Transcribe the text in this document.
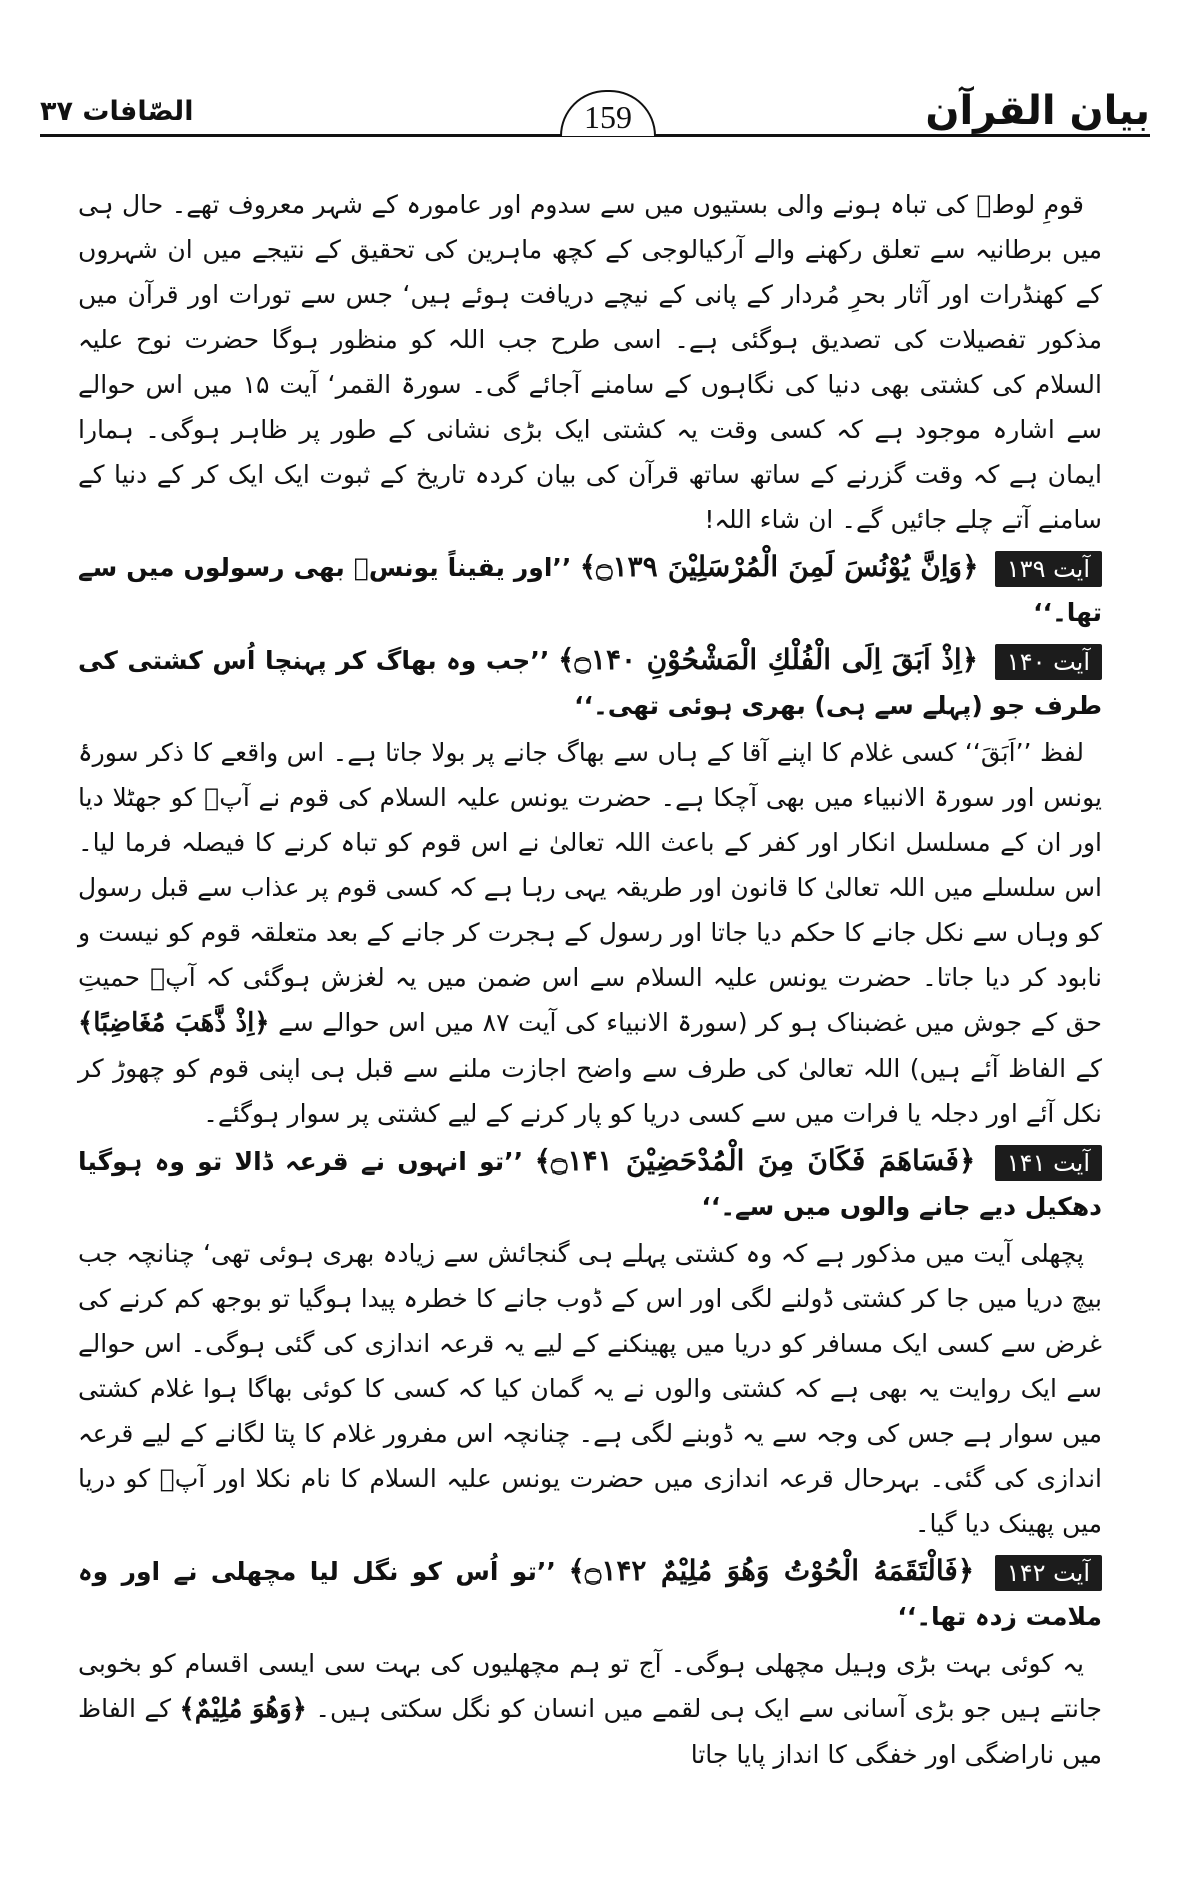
الصّافات ۳۷	159	بیان القرآن

قومِ لوطؑ کی تباہ ہونے والی بستیوں میں سے سدوم اور عامورہ کے شہر معروف تھے۔ حال ہی میں برطانیہ سے تعلق رکھنے والے آرکیالوجی کے کچھ ماہرین کی تحقیق کے نتیجے میں ان شہروں کے کھنڈرات اور آثار بحرِ مُردار کے پانی کے نیچے دریافت ہوئے ہیں‘ جس سے تورات اور قرآن میں مذکور تفصیلات کی تصدیق ہوگئی ہے۔ اسی طرح جب اللہ کو منظور ہوگا حضرت نوح علیہ السلام کی کشتی بھی دنیا کی نگاہوں کے سامنے آجائے گی۔ سورۃ القمر‘ آیت ۱۵ میں اس حوالے سے اشارہ موجود ہے کہ کسی وقت یہ کشتی ایک بڑی نشانی کے طور پر ظاہر ہوگی۔ ہمارا ایمان ہے کہ وقت گزرنے کے ساتھ ساتھ قرآن کی بیان کردہ تاریخ کے ثبوت ایک ایک کر کے دنیا کے سامنے آتے چلے جائیں گے۔ ان شاء اللہ!

آیت ۱۳۹ ﴿وَاِنَّ يُوْنُسَ لَمِنَ الْمُرْسَلِيْنَ ۝۱۳۹﴾ ’’اور یقیناً یونسؑ بھی رسولوں میں سے تھا۔‘‘

آیت ۱۴۰ ﴿اِذْ اَبَقَ اِلَى الْفُلْكِ الْمَشْحُوْنِ ۝۱۴۰﴾ ’’جب وہ بھاگ کر پہنچا اُس کشتی کی طرف جو (پہلے سے ہی) بھری ہوئی تھی۔‘‘

لفظ ’’اَبَقَ‘‘ کسی غلام کا اپنے آقا کے ہاں سے بھاگ جانے پر بولا جاتا ہے۔ اس واقعے کا ذکر سورۂ یونس اور سورۃ الانبیاء میں بھی آچکا ہے۔ حضرت یونس علیہ السلام کی قوم نے آپؑ کو جھٹلا دیا اور ان کے مسلسل انکار اور کفر کے باعث اللہ تعالیٰ نے اس قوم کو تباہ کرنے کا فیصلہ فرما لیا۔ اس سلسلے میں اللہ تعالیٰ کا قانون اور طریقہ یہی رہا ہے کہ کسی قوم پر عذاب سے قبل رسول کو وہاں سے نکل جانے کا حکم دیا جاتا اور رسول کے ہجرت کر جانے کے بعد متعلقہ قوم کو نیست و نابود کر دیا جاتا۔ حضرت یونس علیہ السلام سے اس ضمن میں یہ لغزش ہوگئی کہ آپؑ حمیتِ حق کے جوش میں غضبناک ہو کر (سورۃ الانبیاء کی آیت ۸۷ میں اس حوالے سے ﴿اِذْ ذَّهَبَ مُغَاضِبًا﴾ کے الفاظ آئے ہیں) اللہ تعالیٰ کی طرف سے واضح اجازت ملنے سے قبل ہی اپنی قوم کو چھوڑ کر نکل آئے اور دجلہ یا فرات میں سے کسی دریا کو پار کرنے کے لیے کشتی پر سوار ہوگئے۔

آیت ۱۴۱ ﴿فَسَاهَمَ فَكَانَ مِنَ الْمُدْحَضِيْنَ ۝۱۴۱﴾ ’’تو انہوں نے قرعہ ڈالا تو وہ ہوگیا دھکیل دیے جانے والوں میں سے۔‘‘

پچھلی آیت میں مذکور ہے کہ وہ کشتی پہلے ہی گنجائش سے زیادہ بھری ہوئی تھی‘ چنانچہ جب بیچ دریا میں جا کر کشتی ڈولنے لگی اور اس کے ڈوب جانے کا خطرہ پیدا ہوگیا تو بوجھ کم کرنے کی غرض سے کسی ایک مسافر کو دریا میں پھینکنے کے لیے یہ قرعہ اندازی کی گئی ہوگی۔ اس حوالے سے ایک روایت یہ بھی ہے کہ کشتی والوں نے یہ گمان کیا کہ کسی کا کوئی بھاگا ہوا غلام کشتی میں سوار ہے جس کی وجہ سے یہ ڈوبنے لگی ہے۔ چنانچہ اس مفرور غلام کا پتا لگانے کے لیے قرعہ اندازی کی گئی۔ بہرحال قرعہ اندازی میں حضرت یونس علیہ السلام کا نام نکلا اور آپؑ کو دریا میں پھینک دیا گیا۔

آیت ۱۴۲ ﴿فَالْتَقَمَهُ الْحُوْتُ وَهُوَ مُلِيْمٌ ۝۱۴۲﴾ ’’تو اُس کو نگل لیا مچھلی نے اور وہ ملامت زدہ تھا۔‘‘

یہ کوئی بہت بڑی وہیل مچھلی ہوگی۔ آج تو ہم مچھلیوں کی بہت سی ایسی اقسام کو بخوبی جانتے ہیں جو بڑی آسانی سے ایک ہی لقمے میں انسان کو نگل سکتی ہیں۔ ﴿وَهُوَ مُلِيْمٌ﴾ کے الفاظ میں ناراضگی اور خفگی کا انداز پایا جاتا
